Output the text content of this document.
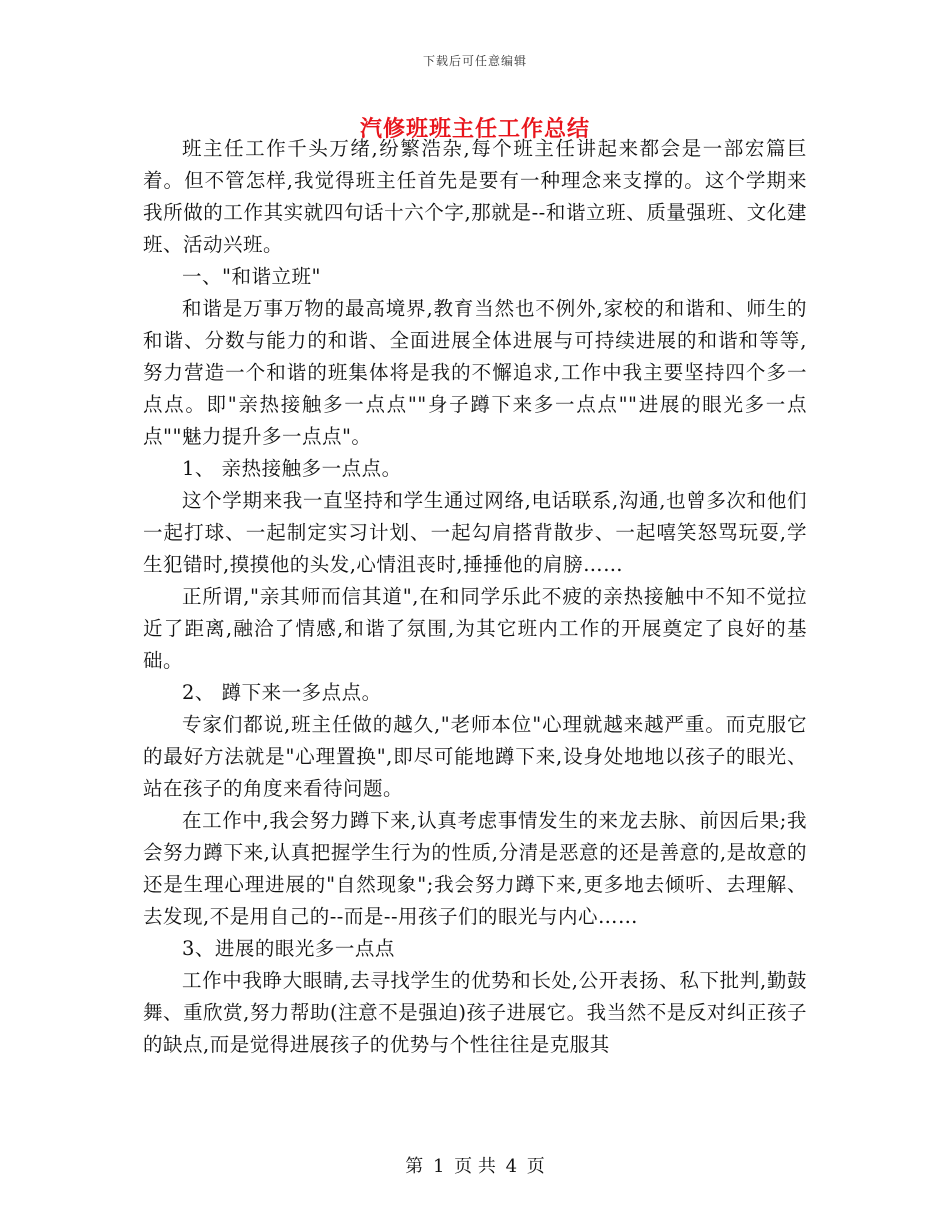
下载后可任意编辑
汽修班班主任工作总结

班主任工作千头万绪,纷繁浩杂,每个班主任讲起来都会是一部宏篇巨着。但不管怎样,我觉得班主任首先是要有一种理念来支撑的。这个学期来我所做的工作其实就四句话十六个字,那就是--和谐立班、质量强班、文化建班、活动兴班。

一、"和谐立班"

和谐是万事万物的最高境界,教育当然也不例外,家校的和谐和、师生的和谐、分数与能力的和谐、全面进展全体进展与可持续进展的和谐和等等,努力营造一个和谐的班集体将是我的不懈追求,工作中我主要坚持四个多一点点。即"亲热接触多一点点""身子蹲下来多一点点""进展的眼光多一点点""魅力提升多一点点"。

1、 亲热接触多一点点。

这个学期来我一直坚持和学生通过网络,电话联系,沟通,也曾多次和他们一起打球、一起制定实习计划、一起勾肩搭背散步、一起嘻笑怒骂玩耍,学生犯错时,摸摸他的头发,心情沮丧时,捶捶他的肩膀……

正所谓,"亲其师而信其道",在和同学乐此不疲的亲热接触中不知不觉拉近了距离,融洽了情感,和谐了氛围,为其它班内工作的开展奠定了良好的基础。

2、 蹲下来一多点点。

专家们都说,班主任做的越久,"老师本位"心理就越来越严重。而克服它的最好方法就是"心理置换",即尽可能地蹲下来,设身处地地以孩子的眼光、站在孩子的角度来看待问题。

在工作中,我会努力蹲下来,认真考虑事情发生的来龙去脉、前因后果;我会努力蹲下来,认真把握学生行为的性质,分清是恶意的还是善意的,是故意的还是生理心理进展的"自然现象";我会努力蹲下来,更多地去倾听、去理解、去发现,不是用自己的--而是--用孩子们的眼光与内心……

3、进展的眼光多一点点

工作中我睁大眼睛,去寻找学生的优势和长处,公开表扬、私下批判,勤鼓舞、重欣赏,努力帮助(注意不是强迫)孩子进展它。我当然不是反对纠正孩子的缺点,而是觉得进展孩子的优势与个性往往是克服其

第 1 页 共 4 页
